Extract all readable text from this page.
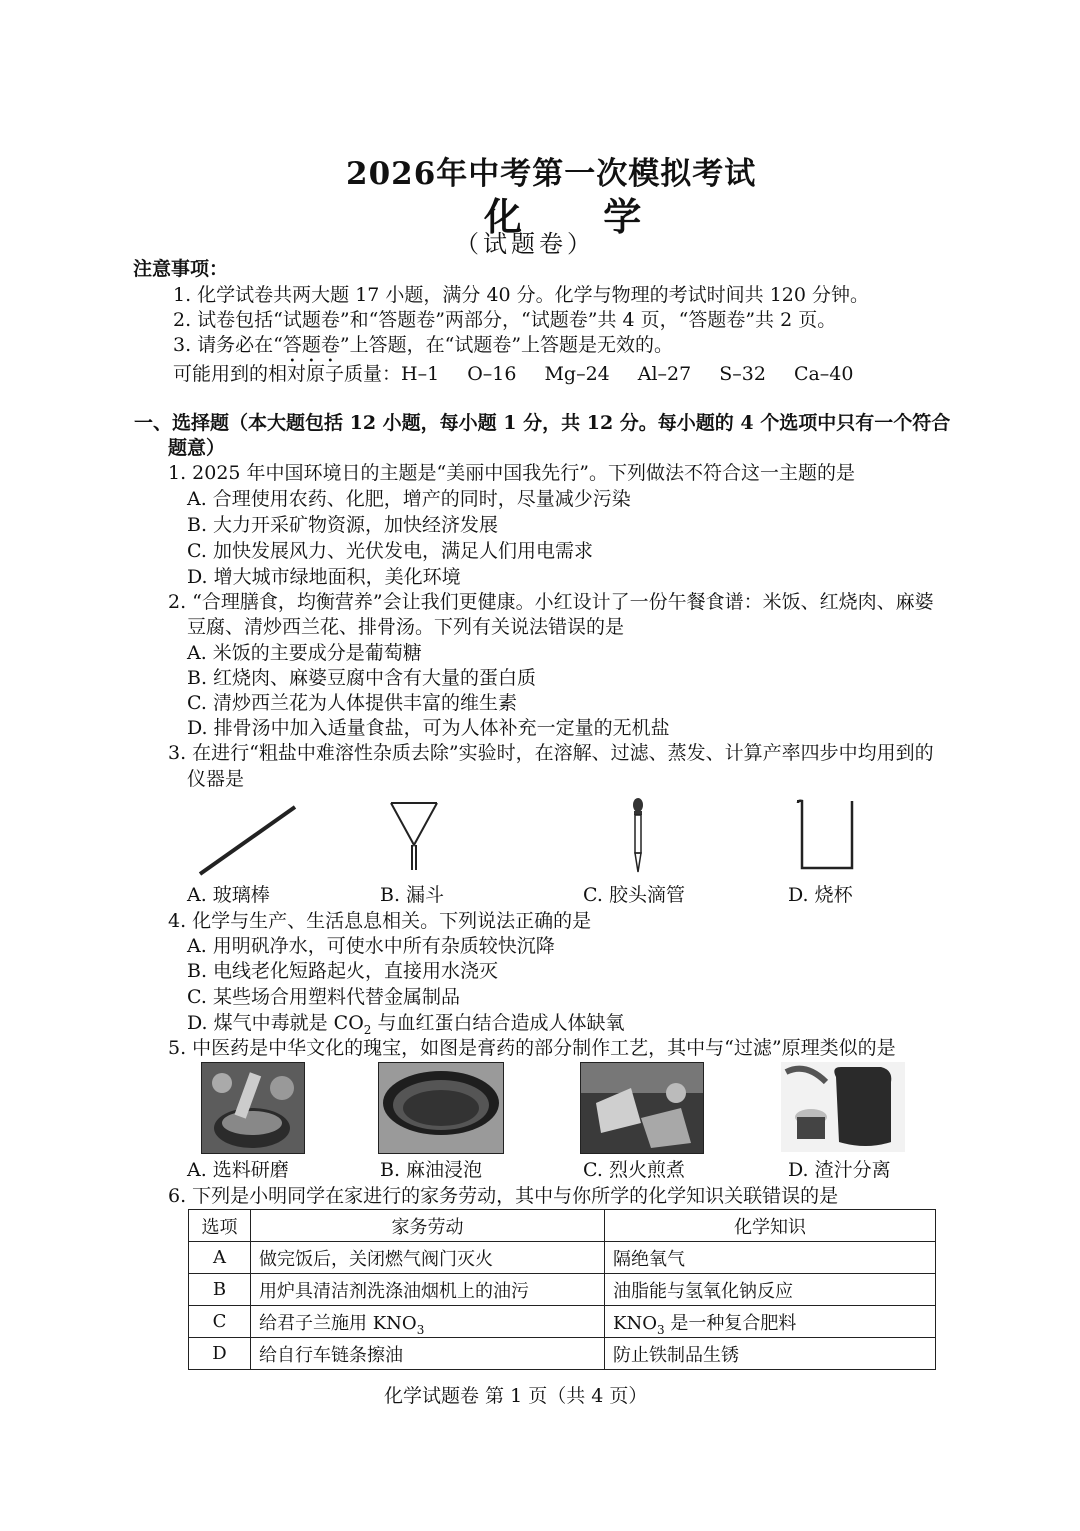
2026年中考第一次模拟考试
化 学
（试题卷）
注意事项：
1. 化学试卷共两大题 17 小题，满分 40 分。化学与物理的考试时间共 120 分钟。
2. 试卷包括“试题卷”和“答题卷”两部分，“试题卷”共 4 页，“答题卷”共 2 页。
3. 请务必在“答题卷”上答题，在“试题卷”上答题是无效的。
可能用到的相对原子质量：H–1 O–16 Mg–24 Al–27 S–32 Ca–40
一、选择题（本大题包括 12 小题，每小题 1 分，共 12 分。每小题的 4 个选项中只有一个符合
题意）
1. 2025 年中国环境日的主题是“美丽中国我先行”。下列做法不符合这一主题的是
A. 合理使用农药、化肥，增产的同时，尽量减少污染
B. 大力开采矿物资源，加快经济发展
C. 加快发展风力、光伏发电，满足人们用电需求
D. 增大城市绿地面积，美化环境
2. “合理膳食，均衡营养”会让我们更健康。小红设计了一份午餐食谱：米饭、红烧肉、麻婆
豆腐、清炒西兰花、排骨汤。下列有关说法错误的是
A. 米饭的主要成分是葡萄糖
B. 红烧肉、麻婆豆腐中含有大量的蛋白质
C. 清炒西兰花为人体提供丰富的维生素
D. 排骨汤中加入适量食盐，可为人体补充一定量的无机盐
3. 在进行“粗盐中难溶性杂质去除”实验时，在溶解、过滤、蒸发、计算产率四步中均用到的
仪器是
A. 玻璃棒	B. 漏斗	C. 胶头滴管	D. 烧杯
4. 化学与生产、生活息息相关。下列说法正确的是
A. 用明矾净水，可使水中所有杂质较快沉降
B. 电线老化短路起火，直接用水浇灭
C. 某些场合用塑料代替金属制品
D. 煤气中毒就是 $CO_2$ 与血红蛋白结合造成人体缺氧
5. 中医药是中华文化的瑰宝，如图是膏药的部分制作工艺，其中与“过滤”原理类似的是
A. 选料研磨	B. 麻油浸泡	C. 烈火煎煮	D. 渣汁分离
6. 下列是小明同学在家进行的家务劳动，其中与你所学的化学知识关联错误的是
选项	家务劳动	化学知识
A	做完饭后，关闭燃气阀门灭火	隔绝氧气
B	用炉具清洁剂洗涤油烟机上的油污	油脂能与氢氧化钠反应
C	给君子兰施用 $KNO_3$	$KNO_3$ 是一种复合肥料
D	给自行车链条擦油	防止铁制品生锈
化学试题卷 第 1 页（共 4 页）
